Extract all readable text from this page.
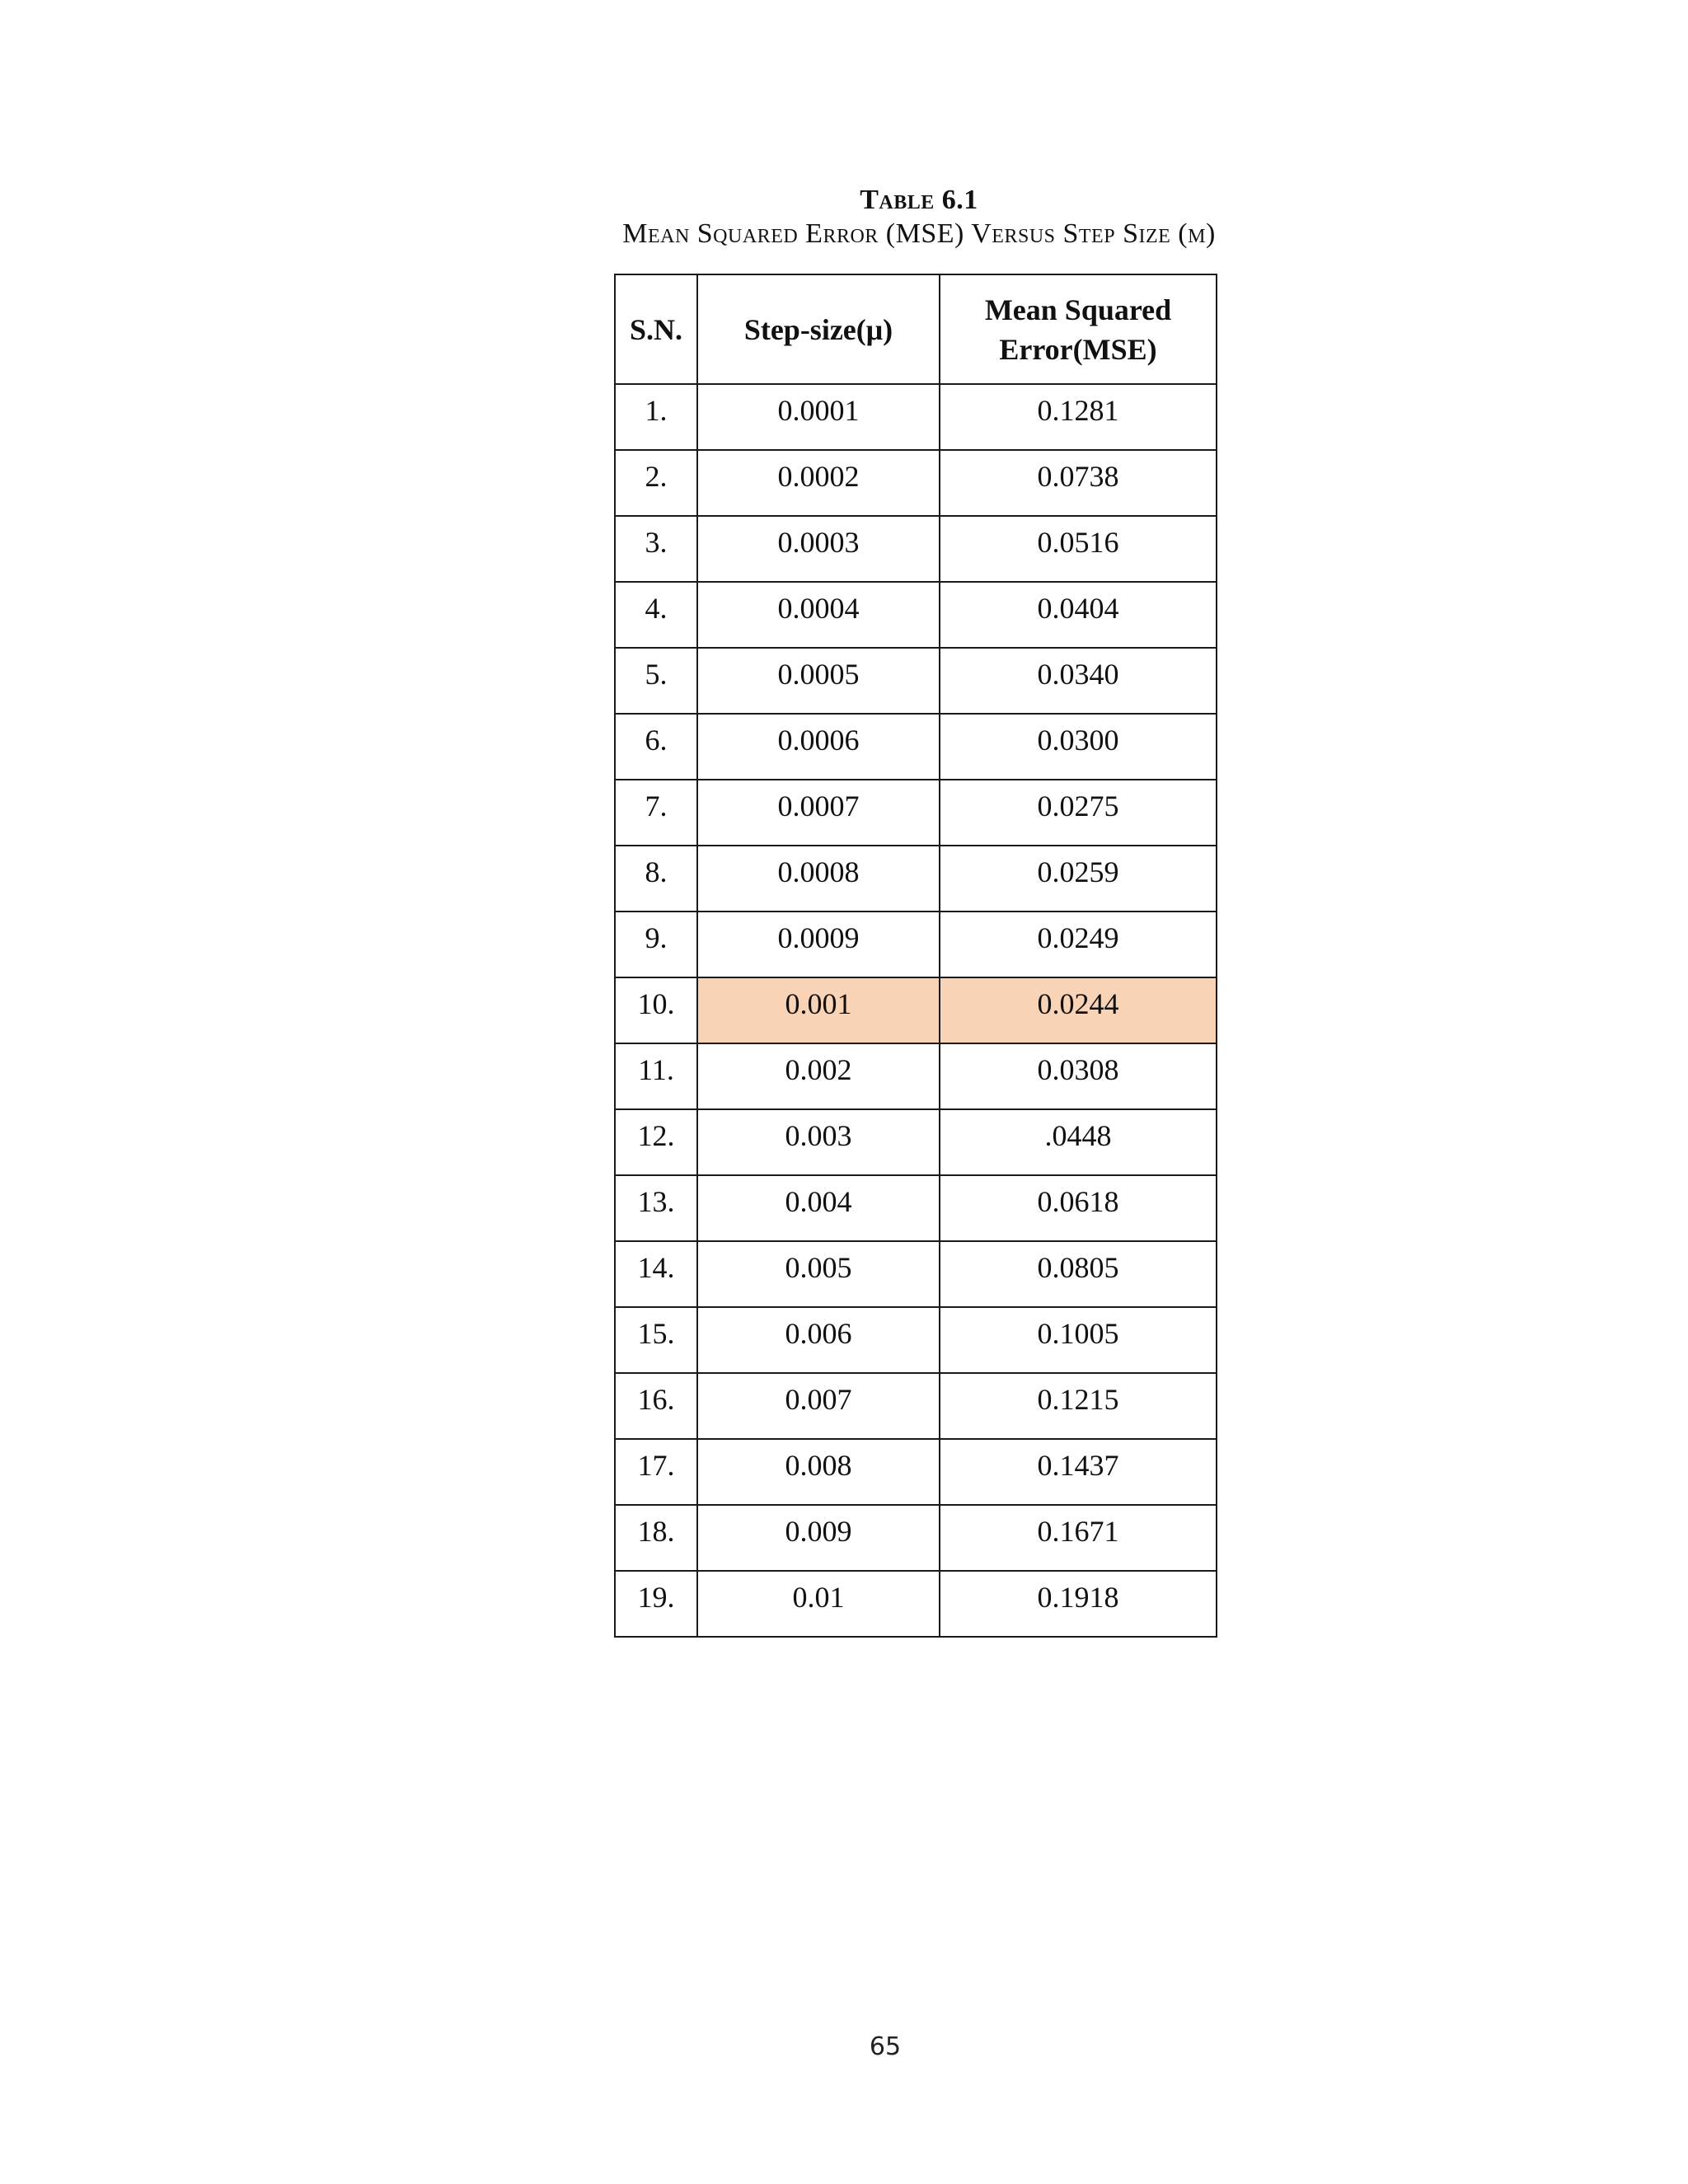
Table 6.1
Mean Squared Error (MSE) Versus Step Size (μ)
S.N.	Step-size(μ)	Mean Squared Error(MSE)
1.	0.0001	0.1281
2.	0.0002	0.0738
3.	0.0003	0.0516
4.	0.0004	0.0404
5.	0.0005	0.0340
6.	0.0006	0.0300
7.	0.0007	0.0275
8.	0.0008	0.0259
9.	0.0009	0.0249
10.	0.001	0.0244
11.	0.002	0.0308
12.	0.003	.0448
13.	0.004	0.0618
14.	0.005	0.0805
15.	0.006	0.1005
16.	0.007	0.1215
17.	0.008	0.1437
18.	0.009	0.1671
19.	0.01	0.1918
65
